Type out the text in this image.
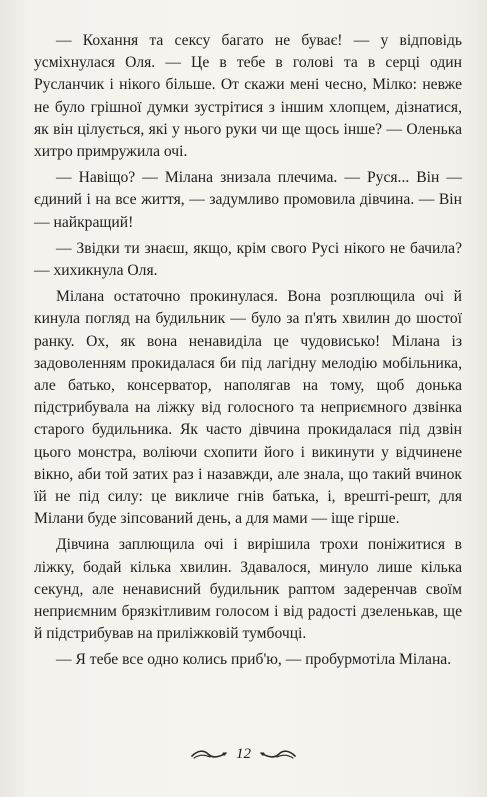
— Кохання та сексу багато не буває! — у відповідь усміхнулася Оля. — Це в тебе в голові та в серці один Русланчик і нікого більше. От скажи мені чесно, Мілко: невже не було грішної думки зустрітися з іншим хлопцем, дізнатися, як він цілується, які у нього руки чи ще щось інше? — Оленька хитро примружила очі.

— Навіщо? — Мілана знизала плечима. — Руся... Він — єдиний і на все життя, — задумливо промовила дівчина. — Він — найкращий!

— Звідки ти знаєш, якщо, крім свого Русі нікого не бачила? — хихикнула Оля.

Мілана остаточно прокинулася. Вона розплющила очі й кинула погляд на будильник — було за п'ять хвилин до шостої ранку. Ох, як вона ненавиділа це чудовисько! Мілана із задоволенням прокидалася би під лагідну мелодію мобільника, але батько, консерватор, наполягав на тому, щоб донька підстрибувала на ліжку від голосного та неприємного дзвінка старого будильника. Як часто дівчина прокидалася під дзвін цього монстра, воліючи схопити його і викинути у відчинене вікно, аби той затих раз і назавжди, але знала, що такий вчинок їй не під силу: це викличе гнів батька, і, врешті-решт, для Мілани буде зіпсований день, а для мами — іще гірше.

Дівчина заплющила очі і вирішила трохи поніжитися в ліжку, бодай кілька хвилин. Здавалося, минуло лише кілька секунд, але ненависний будильник раптом задеренчав своїм неприємним брязкітливим голосом і від радості дзеленькав, ще й підстрибував на приліжковій тумбочці.

— Я тебе все одно колись приб'ю, — пробурмотіла Мілана.

12
